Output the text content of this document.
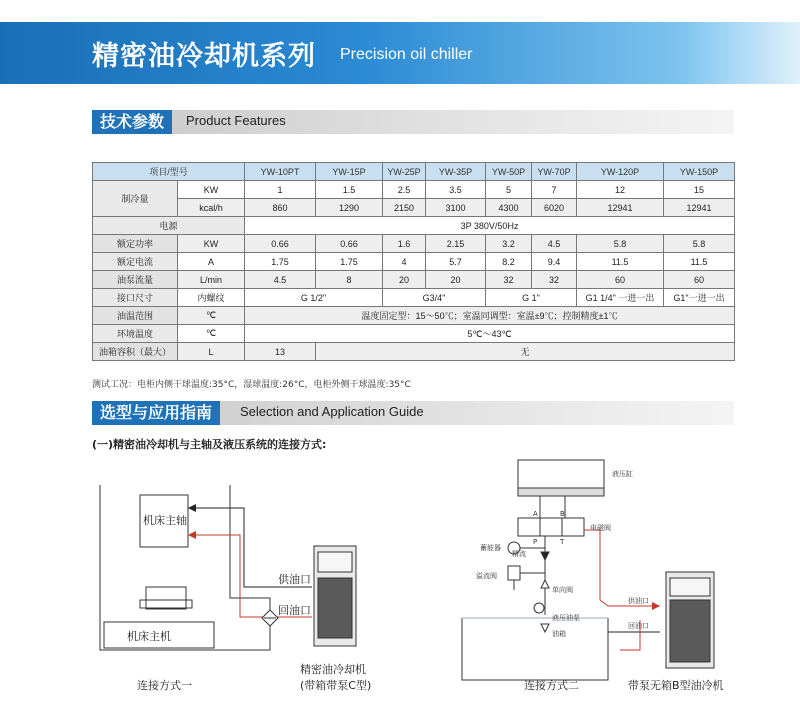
精密油冷却机系列 Precision oil chiller
技术参数	Product Features
项目/型号		YW-10PT	YW-15P	YW-25P	YW-35P	YW-50P	YW-70P	YW-120P	YW-150P
制冷量	KW	1	1.5	2.5	3.5	5	7	12	15
	kcal/h	860	1290	2150	3100	4300	6020	12941	12941
电源		3P 380V/50Hz							
额定功率	KW	0.66	0.66	1.6	2.15	3.2	4.5	5.8	5.8
额定电流	A	1.75	1.75	4	5.7	8.2	9.4	11.5	11.5
油泵流量	L/min	4.5	8	20	20	32	32	60	60
接口尺寸	内螺纹	G 1/2"		G3/4"		G 1"		G1 1/4" 一进一出	G1"一进一出
油温范围	℃	温度固定型：15～50℃；室温同调型：室温±9℃；控制精度±1℃							
环境温度	℃	5℃～43℃							
油箱容积（最大）	L	13	无						
测试工况：电柜内侧干球温度:35°C，湿球温度:26°C，电柜外侧干球温度:35°C
选型与应用指南	Selection and Application Guide
(一)精密油冷却机与主轴及液压系统的连接方式:
机床主轴
机床主机
供油口
回油口
精密油冷却机
(带箱带泵C型)
连接方式一
液压缸
电磁阀
蓄能器
精流
溢流阀
单向阀
液压油泵
油箱
供油口
回油口
A	B
P	T
连接方式二	带泵无箱B型油冷机
